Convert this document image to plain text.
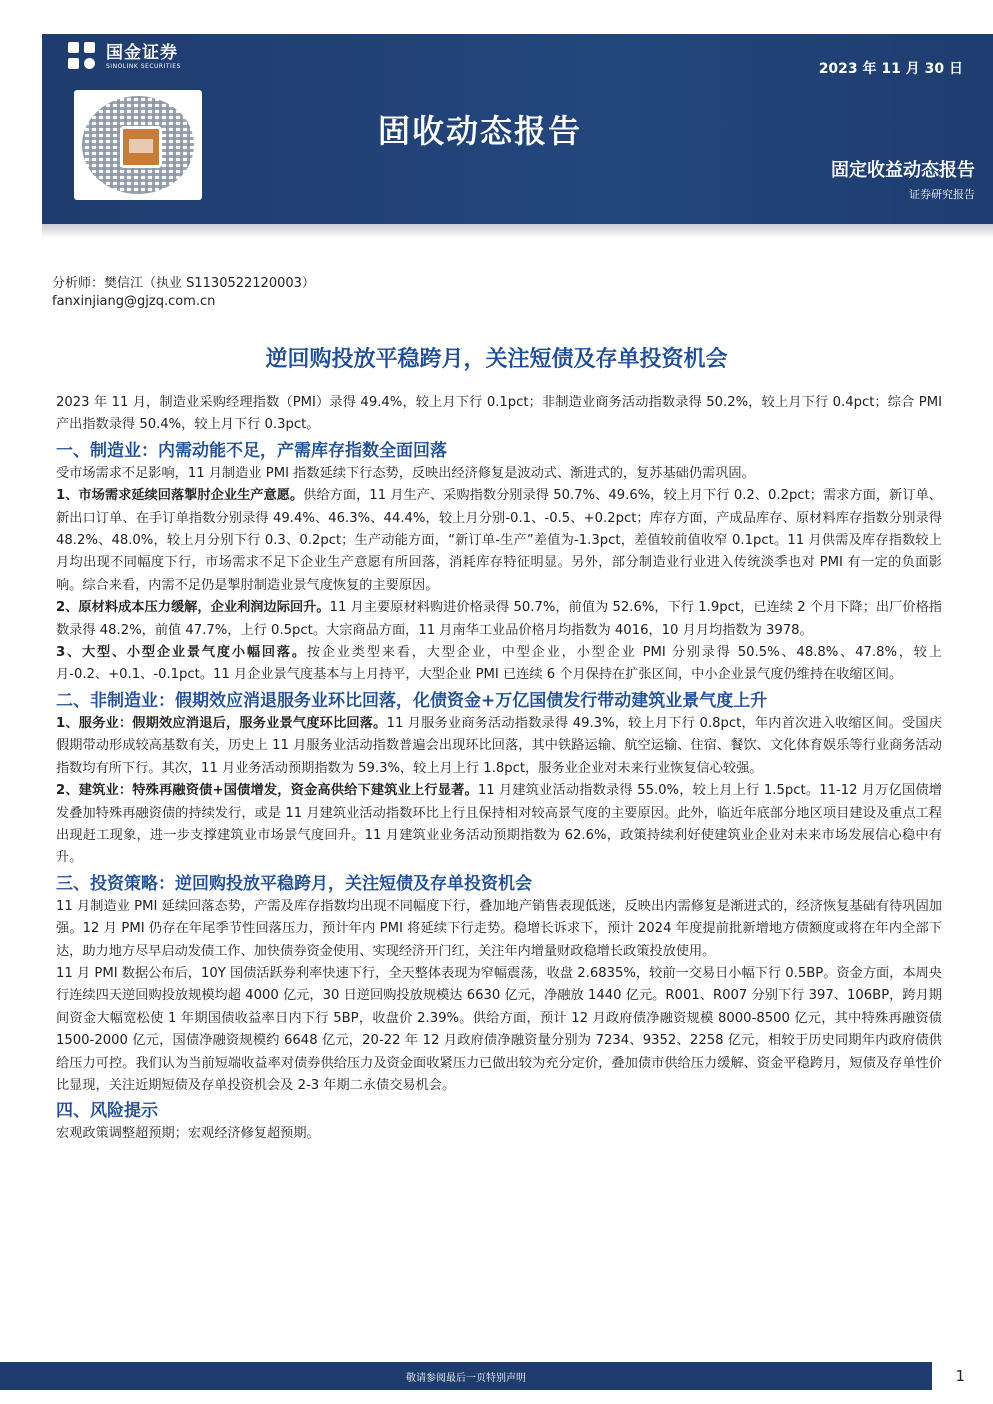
国金证券
SINOLINK SECURITIES	2023 年 11 月 30 日
固收动态报告
固定收益动态报告
证券研究报告
分析师：樊信江（执业 S1130522120003）
fanxinjiang@gjzq.com.cn
逆回购投放平稳跨月，关注短债及存单投资机会

2023 年 11 月，制造业采购经理指数（PMI）录得 49.4%，较上月下行 0.1pct；非制造业商务活动指数录得 50.2%，较上月下行 0.4pct；综合 PMI 产出指数录得 50.4%，较上月下行 0.3pct。

一、制造业：内需动能不足，产需库存指数全面回落

受市场需求不足影响，11 月制造业 PMI 指数延续下行态势，反映出经济修复是波动式、渐进式的，复苏基础仍需巩固。

1、市场需求延续回落掣肘企业生产意愿。供给方面，11 月生产、采购指数分别录得 50.7%、49.6%，较上月下行 0.2、0.2pct；需求方面，新订单、新出口订单、在手订单指数分别录得 49.4%、46.3%、44.4%，较上月分别-0.1、-0.5、+0.2pct；库存方面，产成品库存、原材料库存指数分别录得 48.2%、48.0%，较上月分别下行 0.3、0.2pct；生产动能方面，“新订单-生产”差值为-1.3pct，差值较前值收窄 0.1pct。11 月供需及库存指数较上月均出现不同幅度下行，市场需求不足下企业生产意愿有所回落，消耗库存特征明显。另外，部分制造业行业进入传统淡季也对 PMI 有一定的负面影响。综合来看，内需不足仍是掣肘制造业景气度恢复的主要原因。

2、原材料成本压力缓解，企业利润边际回升。11 月主要原材料购进价格录得 50.7%，前值为 52.6%，下行 1.9pct，已连续 2 个月下降；出厂价格指数录得 48.2%，前值 47.7%，上行 0.5pct。大宗商品方面，11 月南华工业品价格月均指数为 4016，10 月月均指数为 3978。

3、大型、小型企业景气度小幅回落。按企业类型来看，大型企业，中型企业，小型企业 PMI 分别录得 50.5%、48.8%、47.8%，较上月-0.2、+0.1、-0.1pct。11 月企业景气度基本与上月持平，大型企业 PMI 已连续 6 个月保持在扩张区间，中小企业景气度仍维持在收缩区间。

二、非制造业：假期效应消退服务业环比回落，化债资金+万亿国债发行带动建筑业景气度上升

1、服务业：假期效应消退后，服务业景气度环比回落。11 月服务业商务活动指数录得 49.3%，较上月下行 0.8pct，年内首次进入收缩区间。受国庆假期带动形成较高基数有关，历史上 11 月服务业活动指数普遍会出现环比回落，其中铁路运输、航空运输、住宿、餐饮、文化体育娱乐等行业商务活动指数均有所下行。其次，11 月业务活动预期指数为 59.3%，较上月上行 1.8pct，服务业企业对未来行业恢复信心较强。

2、建筑业：特殊再融资债+国债增发，资金高供给下建筑业上行显著。11 月建筑业活动指数录得 55.0%，较上月上行 1.5pct。11-12 月万亿国债增发叠加特殊再融资债的持续发行，或是 11 月建筑业活动指数环比上行且保持相对较高景气度的主要原因。此外，临近年底部分地区项目建设及重点工程出现赶工现象，进一步支撑建筑业市场景气度回升。11 月建筑业业务活动预期指数为 62.6%，政策持续利好使建筑业企业对未来市场发展信心稳中有升。

三、投资策略：逆回购投放平稳跨月，关注短债及存单投资机会

11 月制造业 PMI 延续回落态势，产需及库存指数均出现不同幅度下行，叠加地产销售表现低迷，反映出内需修复是渐进式的，经济恢复基础有待巩固加强。12 月 PMI 仍存在年尾季节性回落压力，预计年内 PMI 将延续下行走势。稳增长诉求下，预计 2024 年度提前批新增地方债额度或将在年内全部下达，助力地方尽早启动发债工作、加快债券资金使用、实现经济开门红，关注年内增量财政稳增长政策投放使用。

11 月 PMI 数据公布后，10Y 国债活跃券利率快速下行，全天整体表现为窄幅震荡，收盘 2.6835%，较前一交易日小幅下行 0.5BP。资金方面，本周央行连续四天逆回购投放规模均超 4000 亿元，30 日逆回购投放规模达 6630 亿元，净融放 1440 亿元。R001、R007 分别下行 397、106BP，跨月期间资金大幅宽松使 1 年期国债收益率日内下行 5BP，收盘价 2.39%。供给方面，预计 12 月政府债净融资规模 8000-8500 亿元，其中特殊再融资债 1500-2000 亿元，国债净融资规模约 6648 亿元，20-22 年 12 月政府债净融资量分别为 7234、9352、2258 亿元，相较于历史同期年内政府债供给压力可控。我们认为当前短端收益率对债券供给压力及资金面收紧压力已做出较为充分定价，叠加债市供给压力缓解、资金平稳跨月，短债及存单性价比显现，关注近期短债及存单投资机会及 2-3 年期二永债交易机会。

四、风险提示

宏观政策调整超预期；宏观经济修复超预期。

敬请参阅最后一页特别声明	1
